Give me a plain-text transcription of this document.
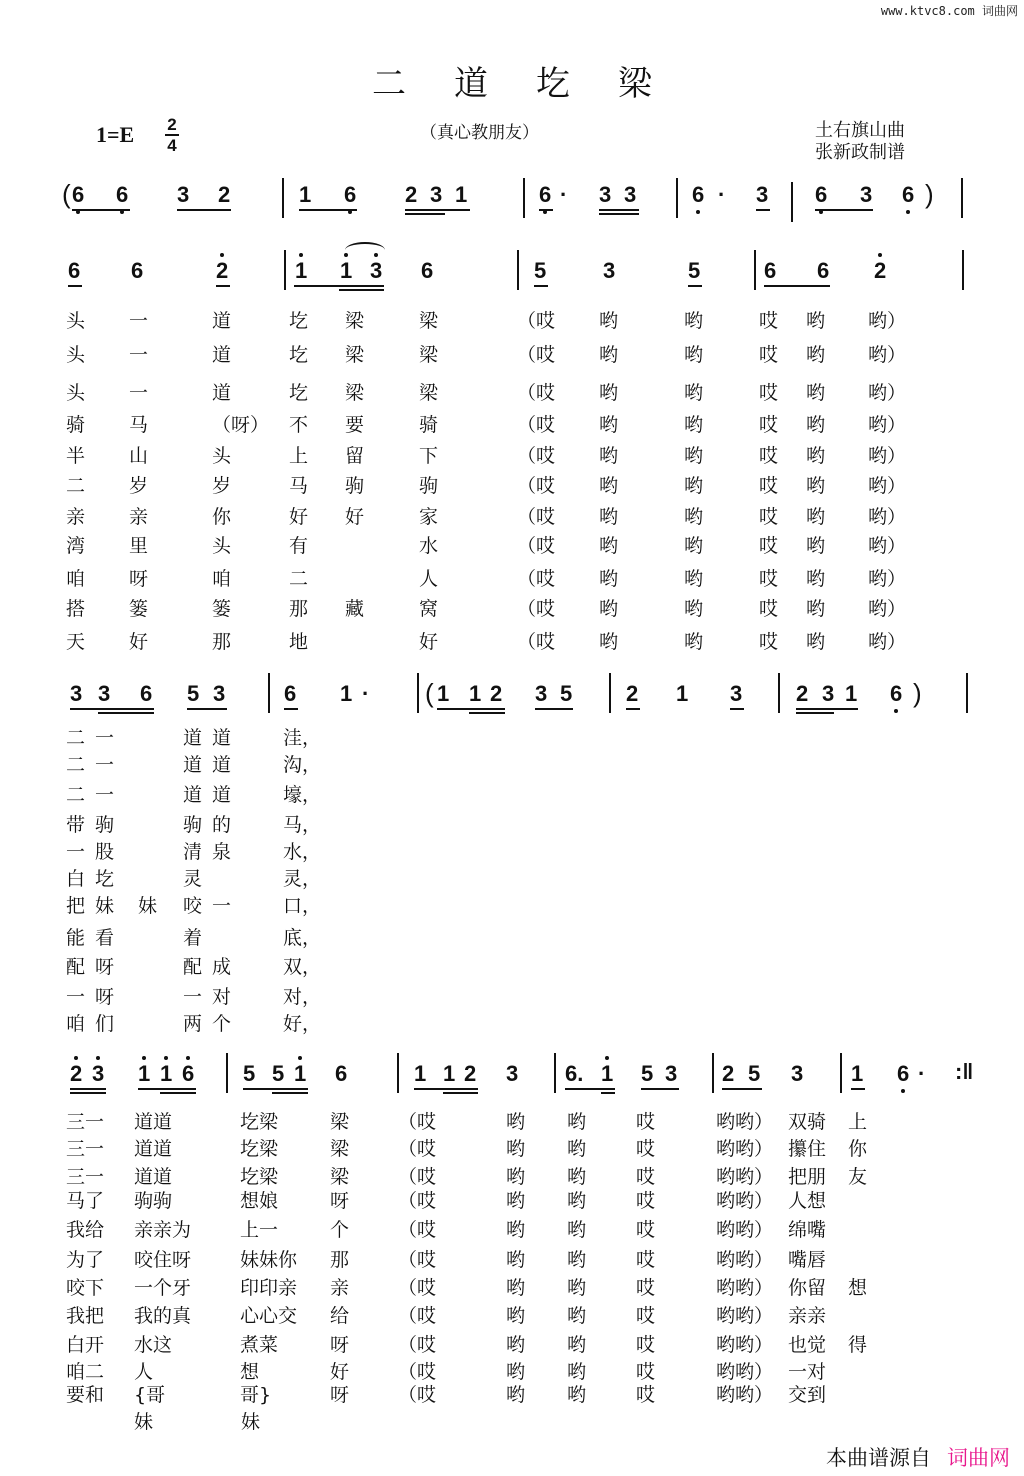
www.ktvc8.com 词曲网
二道圪梁
（真心教朋友）
1=E 2
4
土右旗山曲
张新政制谱
( 6 6 3 2	1 6 2 3 1	6 · 3 3	6 · 3 6 3 6 )
6 6	2	1 1 3 6	5	3	5	6 6 2
头 一	道	圪 梁	梁	（哎 哟	哟	哎 哟 哟）
头 一	道	圪 梁	梁	（哎 哟	哟	哎 哟 哟）
头 一	道	圪 梁	梁	（哎 哟	哟	哎 哟 哟）
骑 马	（呀） 不 要	骑	（哎 哟	哟	哎 哟 哟）
半 山	头	上 留	下	（哎 哟	哟	哎 哟 哟）
二 岁	岁	马 驹	驹	（哎 哟	哟	哎 哟 哟）
亲 亲	你	好 好	家	（哎 哟	哟	哎 哟 哟）
湾 里	头	有	水	（哎 哟	哟	哎 哟 哟）
咱 呀	咱	二	人	（哎 哟	哟	哎 哟 哟）
搭 篓	篓	那 藏	窝	（哎 哟	哟	哎 哟 哟）
天 好	那	地	好	（哎 哟	哟	哎 哟 哟）
3 3 6 5 3	6 1 · ( 1 1 2 3 5 2 1 3 2 3 1 6 )
二 一	道 道	洼，
二 一	道 道	沟，
二 一	道 道	壕，
带 驹	驹 的	马，
一 股	清 泉	水，
白 圪	灵	灵，
把 妹 妹 咬 一	口，
能 看	着	底，
配 呀	配 成	双，
一 呀	一 对	对，
咱 们	两 个	好，
2 3 1 1 6 5 5 1 6	1 1 2 3 6. 1 5 3 2 5 3 1 6 · :‖
三一 道道	圪梁	梁	（哎	哟 哟	哎	哟哟） 双骑 上
三一 道道	圪梁	梁	（哎	哟 哟	哎	哟哟） 攥住 你
三一 道道	圪梁	梁	（哎	哟 哟	哎	哟哟） 把朋 友
马了 驹驹	想娘	呀	（哎	哟 哟	哎	哟哟） 人想
我给 亲亲为	上一	个	（哎	哟 哟	哎	哟哟） 绵嘴
为了 咬住呀	妹妹你 那	（哎	哟 哟	哎	哟哟） 嘴唇
咬下 一个牙	印印亲 亲	（哎	哟 哟	哎	哟哟） 你留 想
我把 我的真	心心交 给	（哎	哟 哟	哎	哟哟） 亲亲
白开 水这	煮菜	呀	（哎	哟 哟	哎	哟哟） 也觉 得
咱二 人	想	好	（哎	哟 哟	哎	哟哟） 一对
要和 {哥	哥}	呀	（哎	哟 哟	哎	哟哟） 交到
妹	妹
本曲谱源自 词曲网
